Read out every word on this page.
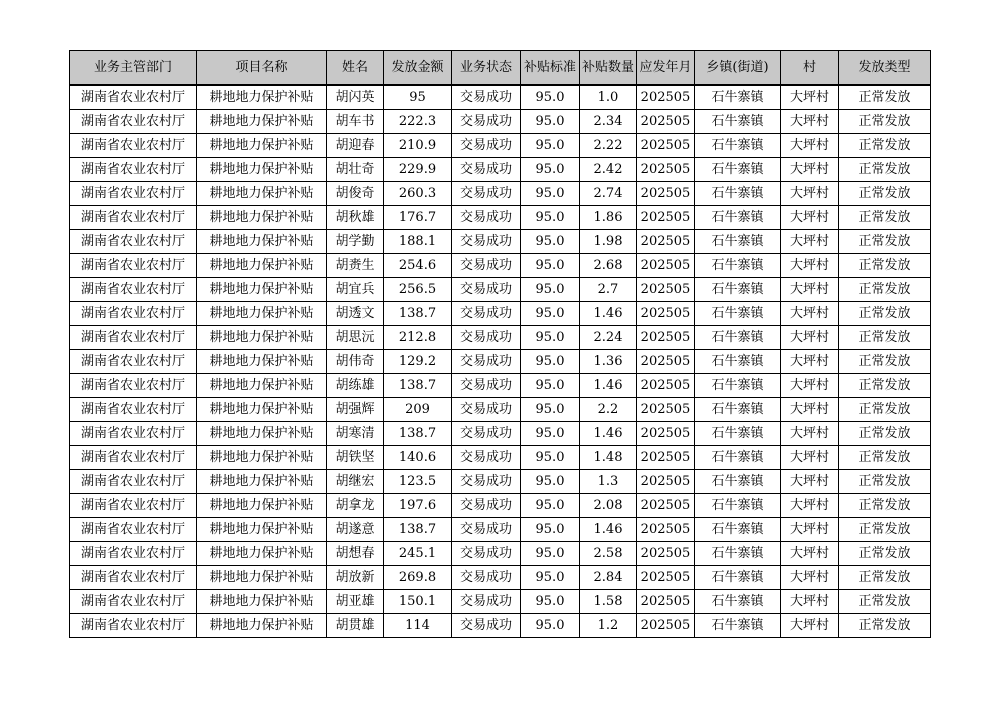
业务主管部门	项目名称	姓名	发放金额	业务状态	补贴标准	补贴数量	应发年月	乡镇(街道)	村	发放类型
湖南省农业农村厅	耕地地力保护补贴	胡闪英	95	交易成功	95.0	1.0	202505	石牛寨镇	大坪村	正常发放
湖南省农业农村厅	耕地地力保护补贴	胡车书	222.3	交易成功	95.0	2.34	202505	石牛寨镇	大坪村	正常发放
湖南省农业农村厅	耕地地力保护补贴	胡迎春	210.9	交易成功	95.0	2.22	202505	石牛寨镇	大坪村	正常发放
湖南省农业农村厅	耕地地力保护补贴	胡壮奇	229.9	交易成功	95.0	2.42	202505	石牛寨镇	大坪村	正常发放
湖南省农业农村厅	耕地地力保护补贴	胡俊奇	260.3	交易成功	95.0	2.74	202505	石牛寨镇	大坪村	正常发放
湖南省农业农村厅	耕地地力保护补贴	胡秋雄	176.7	交易成功	95.0	1.86	202505	石牛寨镇	大坪村	正常发放
湖南省农业农村厅	耕地地力保护补贴	胡学勤	188.1	交易成功	95.0	1.98	202505	石牛寨镇	大坪村	正常发放
湖南省农业农村厅	耕地地力保护补贴	胡赉生	254.6	交易成功	95.0	2.68	202505	石牛寨镇	大坪村	正常发放
湖南省农业农村厅	耕地地力保护补贴	胡宜兵	256.5	交易成功	95.0	2.7	202505	石牛寨镇	大坪村	正常发放
湖南省农业农村厅	耕地地力保护补贴	胡透文	138.7	交易成功	95.0	1.46	202505	石牛寨镇	大坪村	正常发放
湖南省农业农村厅	耕地地力保护补贴	胡思沅	212.8	交易成功	95.0	2.24	202505	石牛寨镇	大坪村	正常发放
湖南省农业农村厅	耕地地力保护补贴	胡伟奇	129.2	交易成功	95.0	1.36	202505	石牛寨镇	大坪村	正常发放
湖南省农业农村厅	耕地地力保护补贴	胡练雄	138.7	交易成功	95.0	1.46	202505	石牛寨镇	大坪村	正常发放
湖南省农业农村厅	耕地地力保护补贴	胡强辉	209	交易成功	95.0	2.2	202505	石牛寨镇	大坪村	正常发放
湖南省农业农村厅	耕地地力保护补贴	胡寒清	138.7	交易成功	95.0	1.46	202505	石牛寨镇	大坪村	正常发放
湖南省农业农村厅	耕地地力保护补贴	胡铁坚	140.6	交易成功	95.0	1.48	202505	石牛寨镇	大坪村	正常发放
湖南省农业农村厅	耕地地力保护补贴	胡继宏	123.5	交易成功	95.0	1.3	202505	石牛寨镇	大坪村	正常发放
湖南省农业农村厅	耕地地力保护补贴	胡拿龙	197.6	交易成功	95.0	2.08	202505	石牛寨镇	大坪村	正常发放
湖南省农业农村厅	耕地地力保护补贴	胡遂意	138.7	交易成功	95.0	1.46	202505	石牛寨镇	大坪村	正常发放
湖南省农业农村厅	耕地地力保护补贴	胡想春	245.1	交易成功	95.0	2.58	202505	石牛寨镇	大坪村	正常发放
湖南省农业农村厅	耕地地力保护补贴	胡放新	269.8	交易成功	95.0	2.84	202505	石牛寨镇	大坪村	正常发放
湖南省农业农村厅	耕地地力保护补贴	胡亚雄	150.1	交易成功	95.0	1.58	202505	石牛寨镇	大坪村	正常发放
湖南省农业农村厅	耕地地力保护补贴	胡贯雄	114	交易成功	95.0	1.2	202505	石牛寨镇	大坪村	正常发放
